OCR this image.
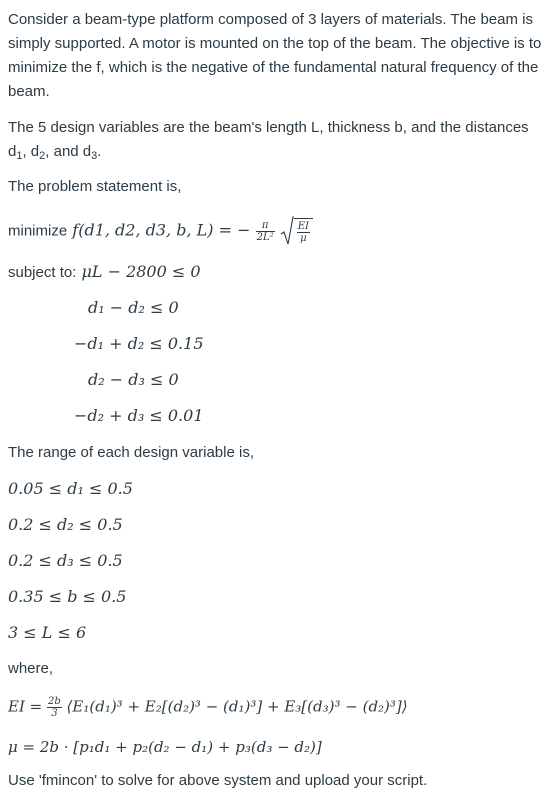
Consider a beam-type platform composed of 3 layers of materials. The beam is simply supported. A motor is mounted on the top of the beam. The objective is to minimize the f, which is the negative of the fundamental natural frequency of the beam.
The 5 design variables are the beam's length L, thickness b, and the distances $d_1$, $d_2$, and $d_3$.
The problem statement is,
minimize f(d1, d2, d3, b, L) = − $\frac{\pi}{\text{2L²}}$
$\frac{EI}{\mu}$
subject to: μL − 2800 ≤ 0
d₁ − d₂ ≤ 0
−d₁ + d₂ ≤ 0.15
d₂ − d₃ ≤ 0
−d₂ + d₃ ≤ 0.01
The range of each design variable is,
0.05 ≤ d₁ ≤ 0.5
0.2 ≤ d₂ ≤ 0.5
0.2 ≤ d₃ ≤ 0.5
0.35 ≤ b ≤ 0.5
3 ≤ L ≤ 6
where,
EI = $\frac{2b}{3}$ ⟨E₁(d₁)³ + E₂[(d₂)³ − (d₁)³] + E₃[(d₃)³ − (d₂)³]⟩
μ = 2b · [p₁d₁ + p₂(d₂ − d₁) + p₃(d₃ − d₂)]
Use 'fmincon' to solve for above system and upload your script.
